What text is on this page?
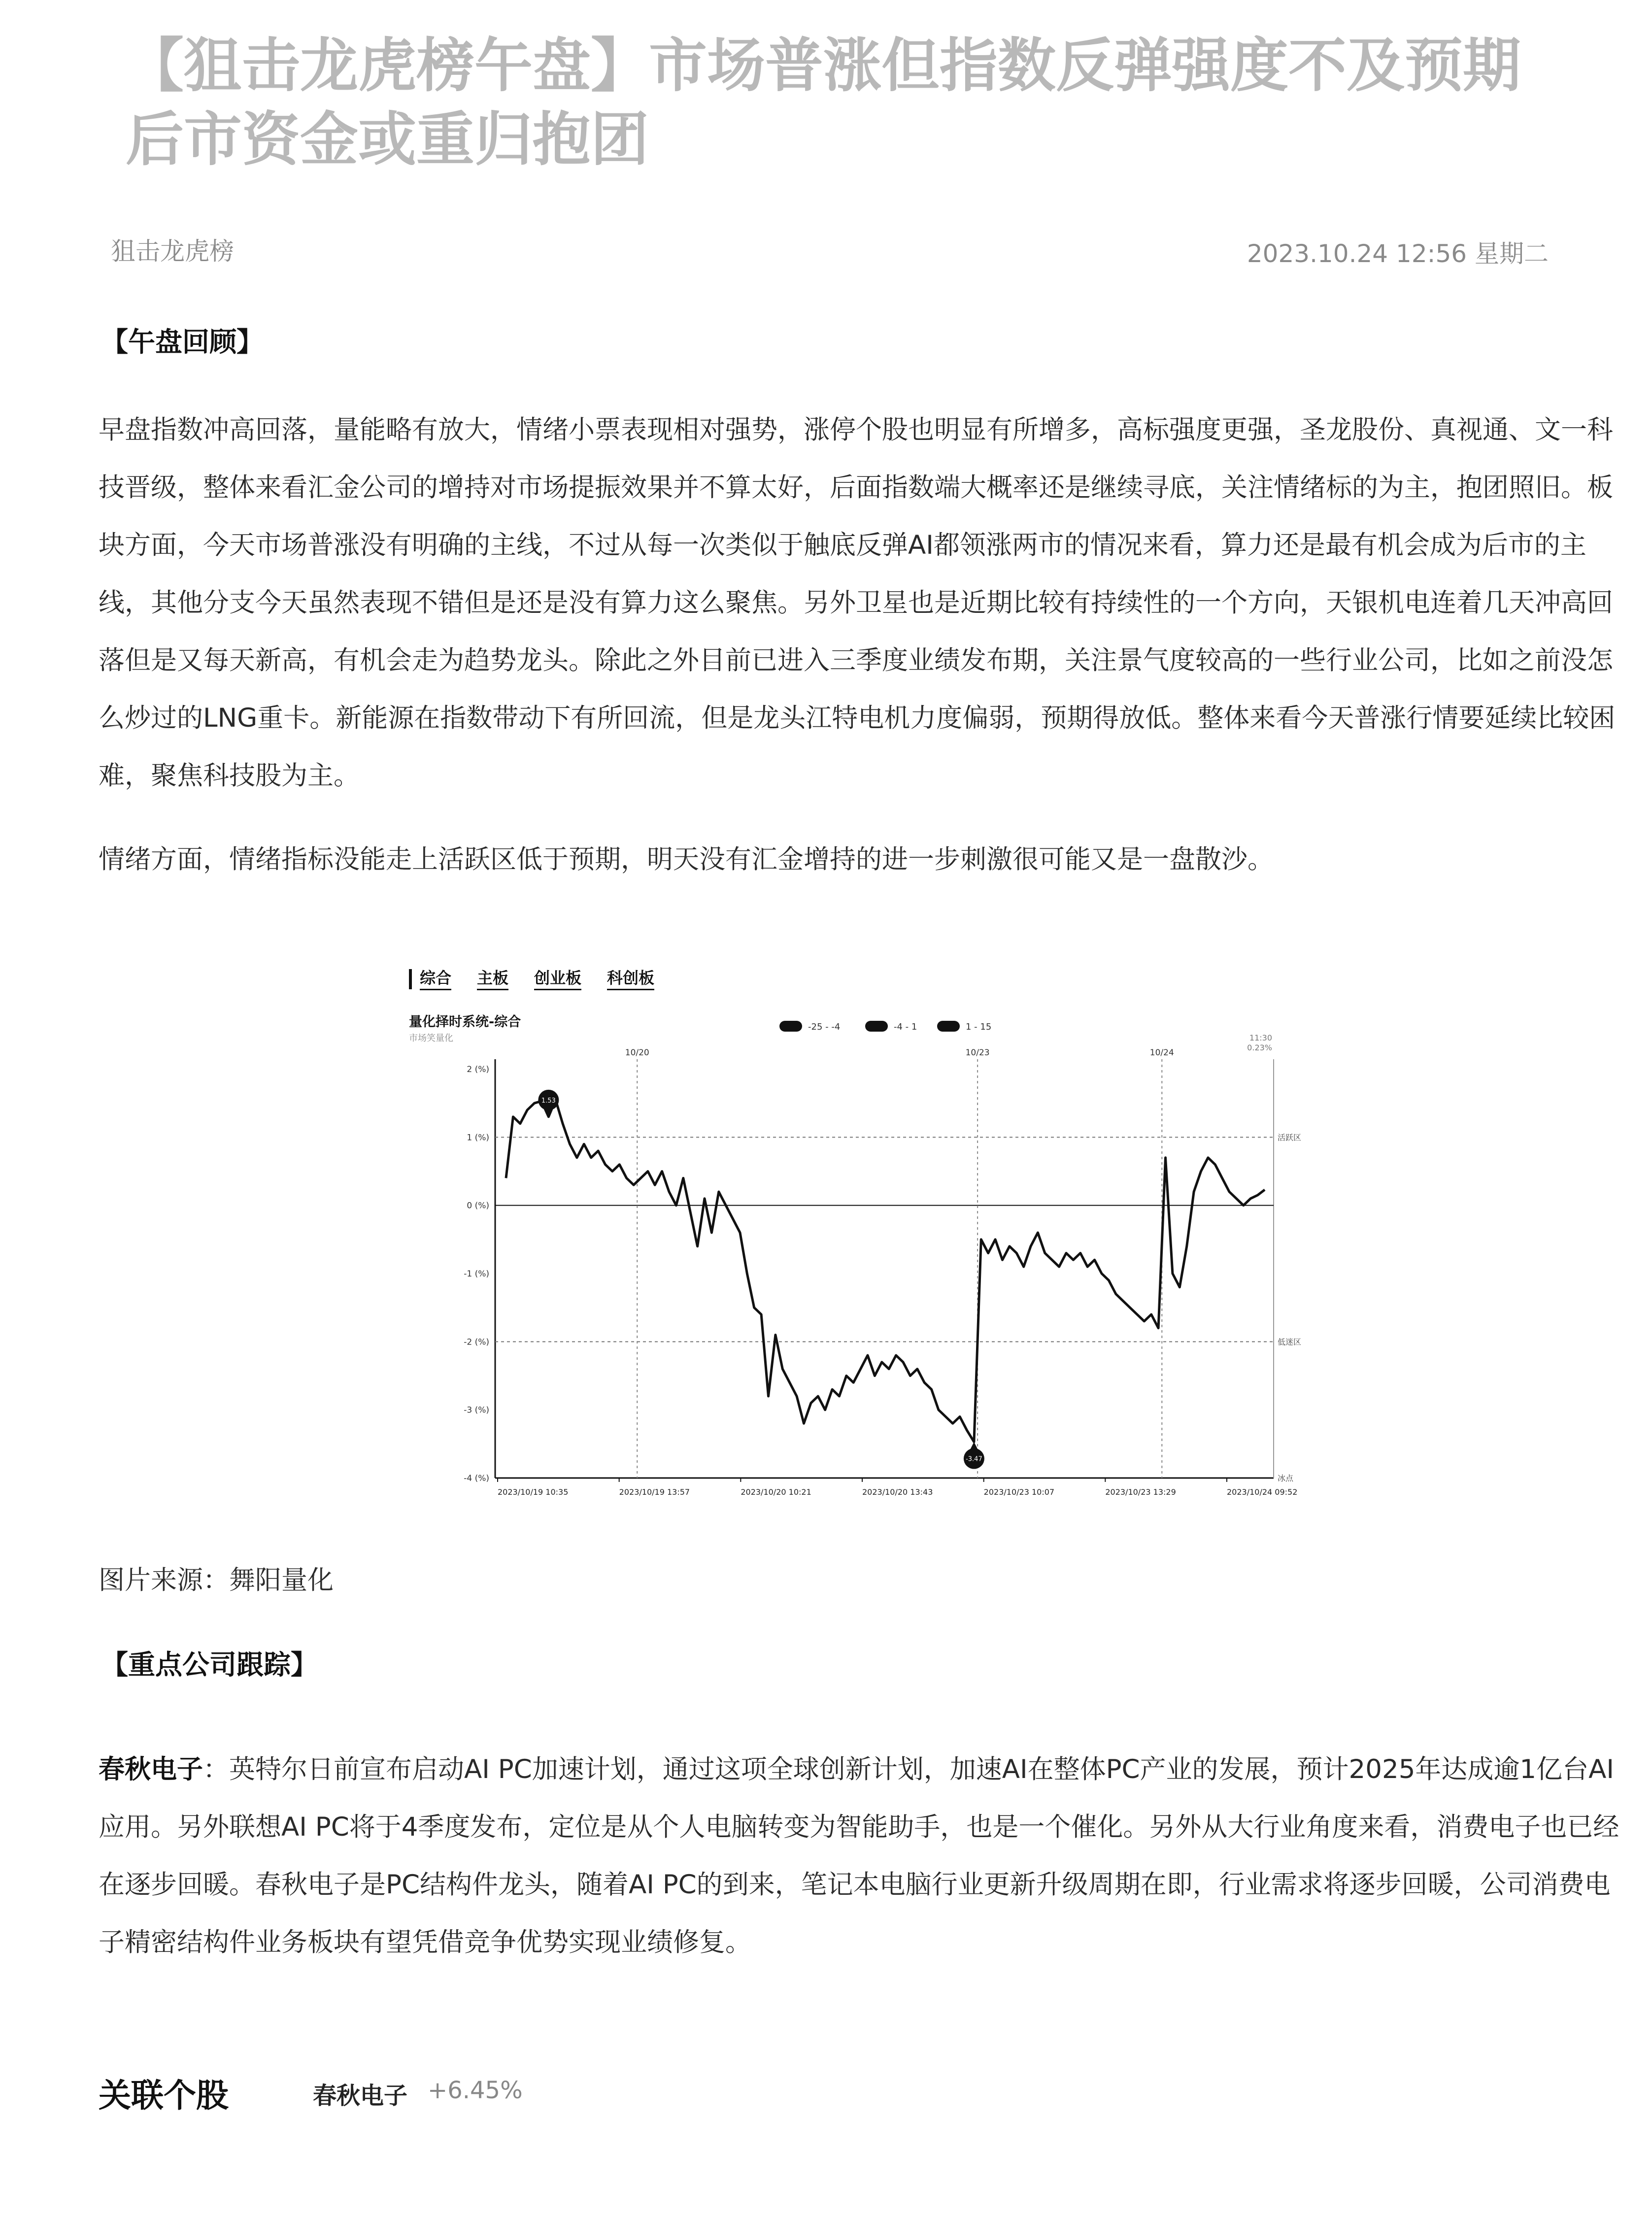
【狙击龙虎榜午盘】市场普涨但指数反弹强度不及预期 后市资金或重归抱团
狙击龙虎榜	2023.10.24 12:56 星期二
【午盘回顾】

早盘指数冲高回落，量能略有放大，情绪小票表现相对强势，涨停个股也明显有所增多，高标强度更强，圣龙股份、真视通、文一科技晋级，整体来看汇金公司的增持对市场提振效果并不算太好，后面指数端大概率还是继续寻底，关注情绪标的为主，抱团照旧。板块方面，今天市场普涨没有明确的主线，不过从每一次类似于触底反弹AI都领涨两市的情况来看，算力还是最有机会成为后市的主线，其他分支今天虽然表现不错但是还是没有算力这么聚焦。另外卫星也是近期比较有持续性的一个方向，天银机电连着几天冲高回落但是又每天新高，有机会走为趋势龙头。除此之外目前已进入三季度业绩发布期，关注景气度较高的一些行业公司，比如之前没怎么炒过的LNG重卡。新能源在指数带动下有所回流，但是龙头江特电机力度偏弱，预期得放低。整体来看今天普涨行情要延续比较困难，聚焦科技股为主。

情绪方面，情绪指标没能走上活跃区低于预期，明天没有汇金增持的进一步刺激很可能又是一盘散沙。

综合 主板 创业板 科创板
量化择时系统-综合
市场笑量化
-25 - -4	-4 - 1	1 - 15
11:30
0.23%
2 (%)
1 (%)
0 (%)
-1 (%)
-2 (%)
-3 (%)
-4 (%)
10/20	10/23	10/24
活跃区
低迷区
冰点
2023/10/19 10:35	2023/10/19 13:57	2023/10/20 10:21	2023/10/20 13:43	2023/10/23 10:07	2023/10/23 13:29	2023/10/24 09:52
1.53
-3.47
图片来源：舞阳量化
【重点公司跟踪】

春秋电子：英特尔日前宣布启动AI PC加速计划，通过这项全球创新计划，加速AI在整体PC产业的发展，预计2025年达成逾1亿台AI应用。另外联想AI PC将于4季度发布，定位是从个人电脑转变为智能助手，也是一个催化。另外从大行业角度来看，消费电子也已经在逐步回暖。春秋电子是PC结构件龙头，随着AI PC的到来，笔记本电脑行业更新升级周期在即，行业需求将逐步回暖，公司消费电子精密结构件业务板块有望凭借竞争优势实现业绩修复。

关联个股	春秋电子 +6.45%
